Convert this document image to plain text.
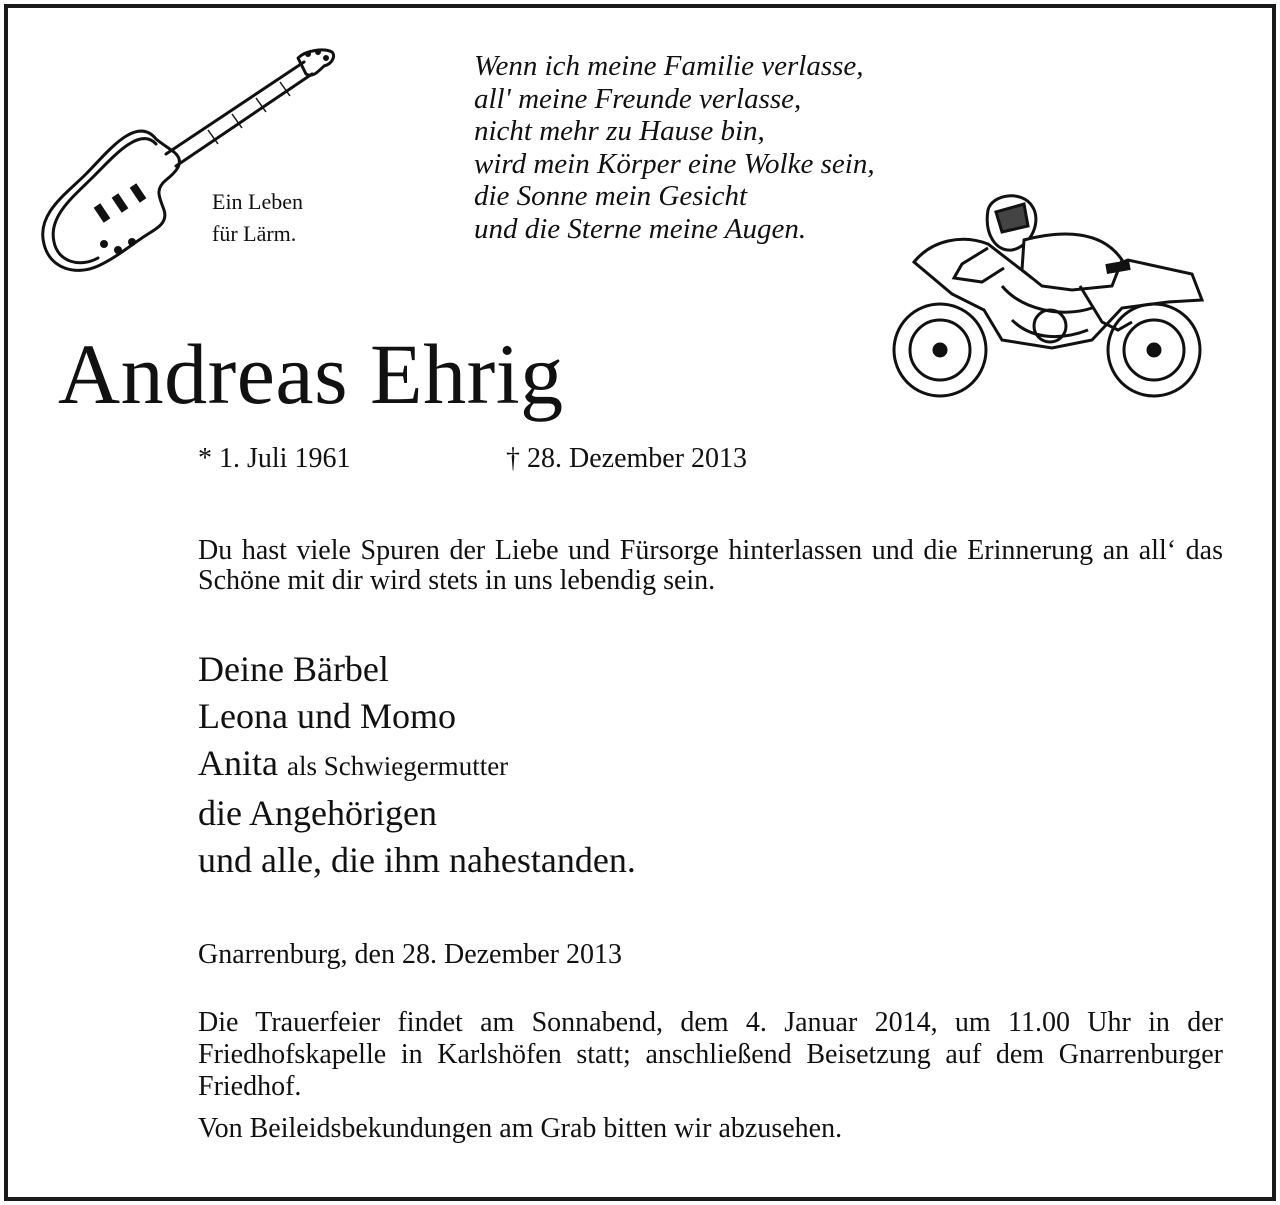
Ein Leben
für Lärm.
Wenn ich meine Familie verlasse,
all' meine Freunde verlasse,
nicht mehr zu Hause bin,
wird mein Körper eine Wolke sein,
die Sonne mein Gesicht
und die Sterne meine Augen.
Andreas Ehrig
* 1. Juli 1961	† 28. Dezember 2013
Du hast viele Spuren der Liebe und Fürsorge hinterlassen und die Erinnerung an all‘ das Schöne mit dir wird stets in uns lebendig sein.
Deine Bärbel
Leona und Momo
Anita als Schwiegermutter
die Angehörigen
und alle, die ihm nahestanden.
Gnarrenburg, den 28. Dezember 2013
Die Trauerfeier findet am Sonnabend, dem 4. Januar 2014, um 11.00 Uhr in der Friedhofskapelle in Karlshöfen statt; anschließend Beisetzung auf dem Gnarrenburger Friedhof.
Von Beileidsbekundungen am Grab bitten wir abzusehen.
